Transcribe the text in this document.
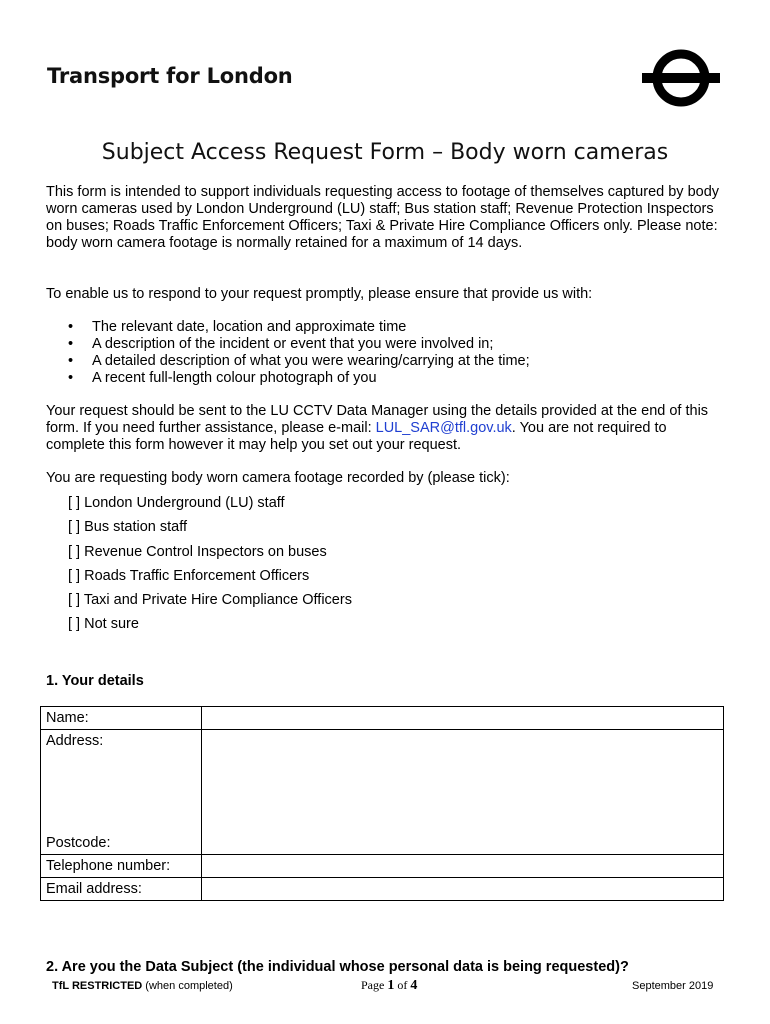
Transport for London
Subject Access Request Form – Body worn cameras

This form is intended to support individuals requesting access to footage of themselves captured by body worn cameras used by London Underground (LU) staff; Bus station staff; Revenue Protection Inspectors on buses; Roads Traffic Enforcement Officers; Taxi & Private Hire Compliance Officers only. Please note: body worn camera footage is normally retained for a maximum of 14 days.

To enable us to respond to your request promptly, please ensure that provide us with:

• The relevant date, location and approximate time
• A description of the incident or event that you were involved in;
• A detailed description of what you were wearing/carrying at the time;
• A recent full-length colour photograph of you

Your request should be sent to the LU CCTV Data Manager using the details provided at the end of this form. If you need further assistance, please e-mail: LUL_SAR@tfl.gov.uk. You are not required to complete this form however it may help you set out your request.

You are requesting body worn camera footage recorded by (please tick):

[ ] London Underground (LU) staff
[ ] Bus station staff
[ ] Revenue Control Inspectors on buses
[ ] Roads Traffic Enforcement Officers
[ ] Taxi and Private Hire Compliance Officers
[ ] Not sure
1. Your details
Name:	
Address:
Postcode:	

Telephone number:	
Email address:	
2. Are you the Data Subject (the individual whose personal data is being requested)?
TfL RESTRICTED (when completed)	Page 1 of 4	September 2019
